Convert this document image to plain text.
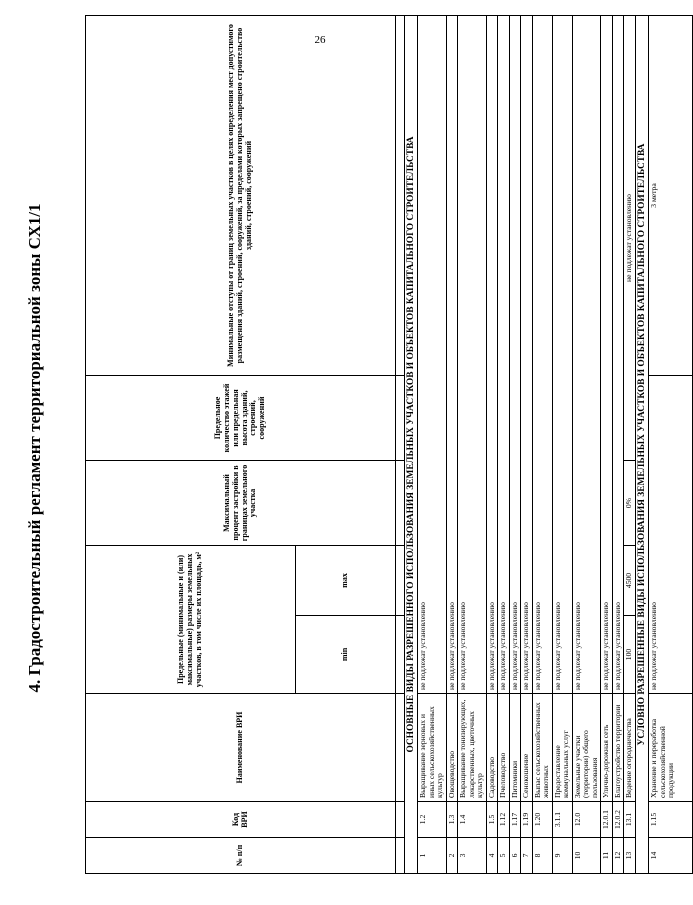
26
4. Градостроительный регламент территориальной зоны СХ1/1
№ п/п	Код ВРИ	Наименование ВРИ	Предельные (минимальные и (или) максимальные) размеры земельных участков, в том числе их площадь, м²		Максимальный процент застройки в границах земельного участка	Предельное количество этажей или предельная высота зданий, строений, сооружений	Минимальные отступы от границ земельных участков в целях определения мест допустимого размещения зданий, строений, сооружений, за пределами которых запрещено строительство зданий, строений, сооружений
			min	max			

ОСНОВНЫЕ ВИДЫ РАЗРЕШЕННОГО ИСПОЛЬЗОВАНИЯ ЗЕМЕЛЬНЫХ УЧАСТКОВ И ОБЪЕКТОВ КАПИТАЛЬНОГО СТРОИТЕЛЬСТВА							
1	1.2	Выращивание зерновых и иных сельскохозяйственных культур	не подлежат установлению				
2	1.3	Овощеводство	не подлежат установлению				
3	1.4	Выращивание тонизирующих, лекарственных, цветочных культур	не подлежат установлению				
4	1.5	Садоводство	не подлежат установлению				
5	1.12	Пчеловодство	не подлежат установлению				
6	1.17	Питомники	не подлежат установлению				
7	1.19	Сенокошение	не подлежат установлению				
8	1.20	Выпас сельскохозяйственных животных	не подлежат установлению				
9	3.1.1	Предоставление коммунальных услуг	не подлежат установлению				
10	12.0	Земельные участки (территории) общего пользования	не подлежат установлению				
11	12.0.1	Улично-дорожная сеть	не подлежат установлению				
12	12.0.2	Благоустройство территории	не подлежат установлению				
13	13.1	Ведение огородничества	100	4500	0%	не подлежат установлению	
УСЛОВНО РАЗРЕШЕННЫЕ ВИДЫ ИСПОЛЬЗОВАНИЯ ЗЕМЕЛЬНЫХ УЧАСТКОВ И ОБЪЕКТОВ КАПИТАЛЬНОГО СТРОИТЕЛЬСТВА							
14	1.15	Хранение и переработка сельскохозяйственной продукции	не подлежат установлению				3 метра
